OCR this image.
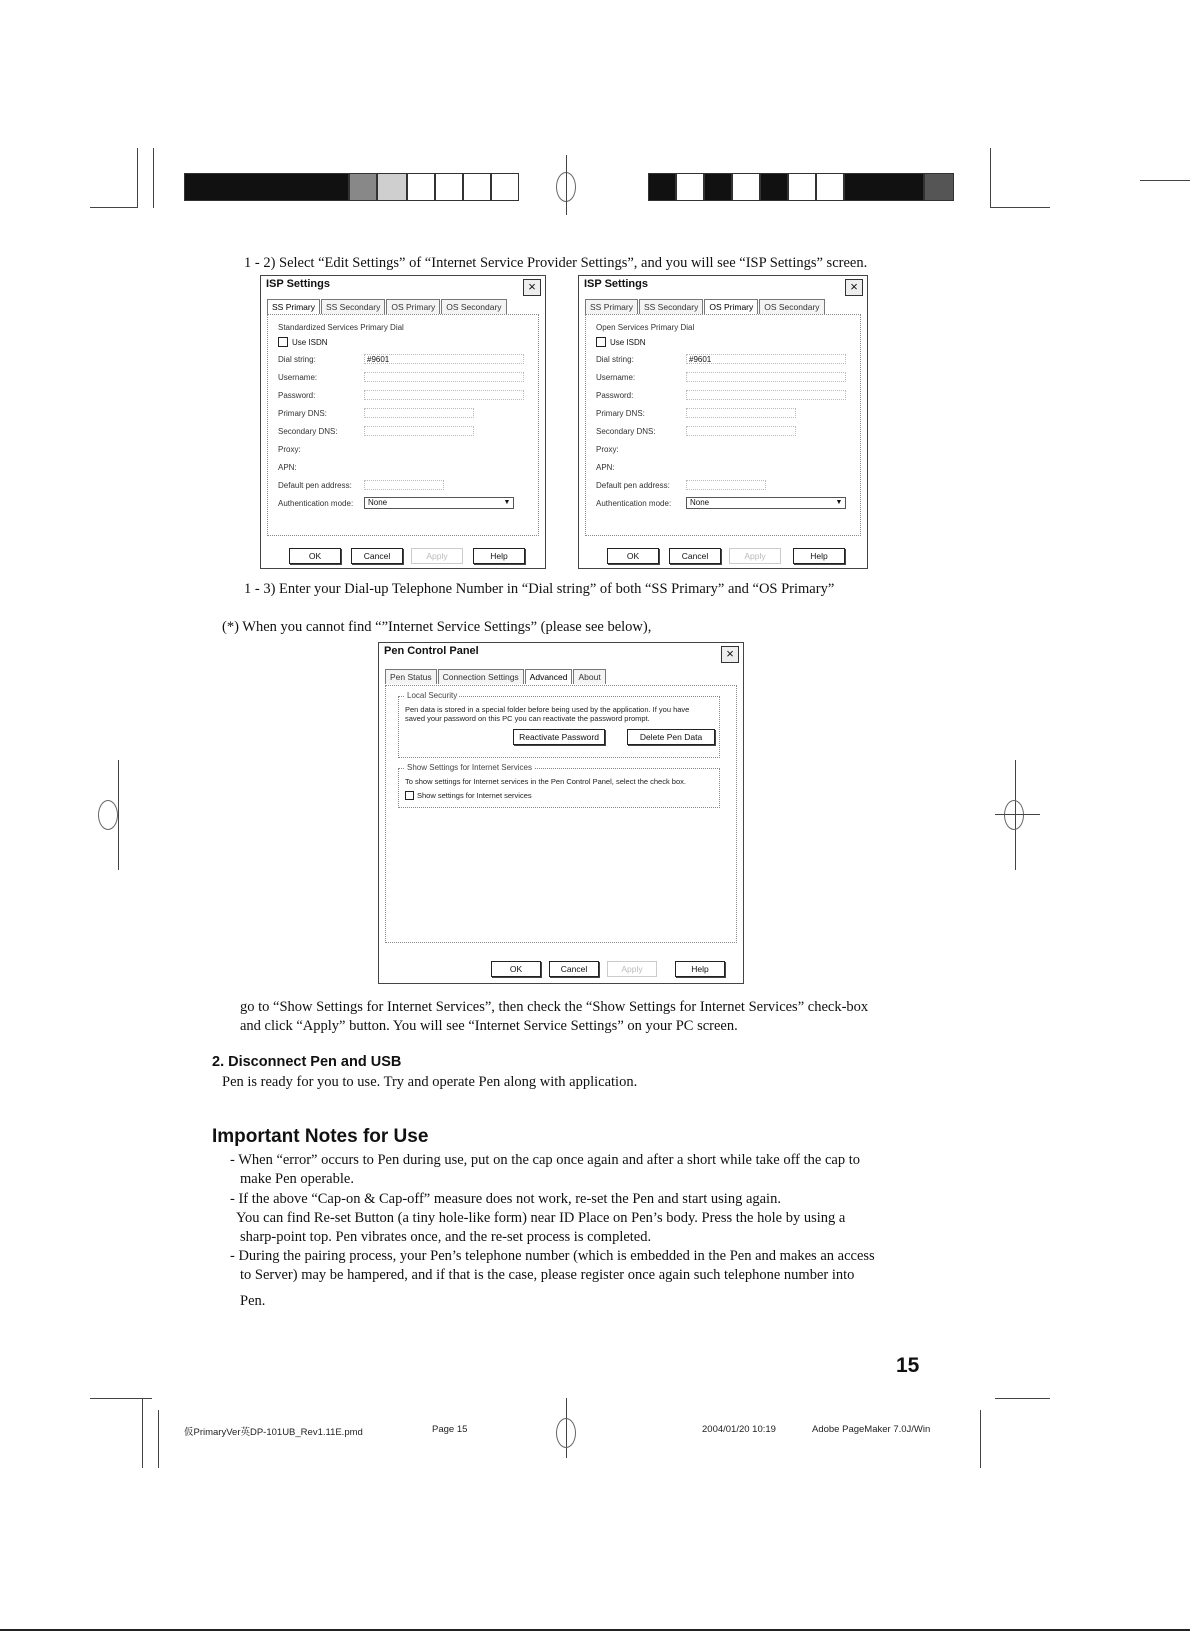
1 - 2) Select “Edit Settings” of “Internet Service Provider Settings”, and you will see “ISP Settings” screen.
ISP Settings	×
SS Primary	SS Secondary	OS Primary	OS Secondary
Standardized Services Primary Dial
Use ISDN
Dial string:	#9601
Username:
Password:
Primary DNS:
Secondary DNS:
Proxy:
APN:
Default pen address:
Authentication mode:	None	▼
OK	Cancel	Apply	Help
ISP Settings	×
SS Primary	SS Secondary	OS Primary	OS Secondary
Open Services Primary Dial
Use ISDN
Dial string:	#9601
Username:
Password:
Primary DNS:
Secondary DNS:
Proxy:
APN:
Default pen address:
Authentication mode:	None	▼
OK	Cancel	Apply	Help
1 - 3) Enter your Dial-up Telephone Number in “Dial string” of both “SS Primary” and “OS Primary”
(*) When you cannot find “”Internet Service Settings” (please see below),
Pen Control Panel	×
Pen Status	Connection Settings	Advanced	About
Local Security
Pen data is stored in a special folder before being used by the application. If you have
saved your password on this PC you can reactivate the password prompt.
Reactivate Password	Delete Pen Data
Show Settings for Internet Services
To show settings for Internet services in the Pen Control Panel, select the check box.
Show settings for Internet services
OK	Cancel	Apply	Help
go to “Show Settings for Internet Services”, then check the “Show Settings for Internet Services” check-box
and click “Apply” button. You will see “Internet Service Settings” on your PC screen.
2. Disconnect Pen and USB
Pen is ready for you to use. Try and operate Pen along with application.
Important Notes for Use
- When “error” occurs to Pen during use, put on the cap once again and after a short while take off the cap to
make Pen operable.
- If the above “Cap-on & Cap-off” measure does not work, re-set the Pen and start using again.
You can find Re-set Button (a tiny hole-like form) near ID Place on Pen’s body. Press the hole by using a
sharp-point top. Pen vibrates once, and the re-set process is completed.
- During the pairing process, your Pen’s telephone number (which is embedded in the Pen and makes an access
to Server) may be hampered, and if that is the case, please register once again such telephone number into
Pen.
15
仮PrimaryVer英DP-101UB_Rev1.11E.pmd	Page 15	2004/01/20 10:19	Adobe PageMaker 7.0J/Win
